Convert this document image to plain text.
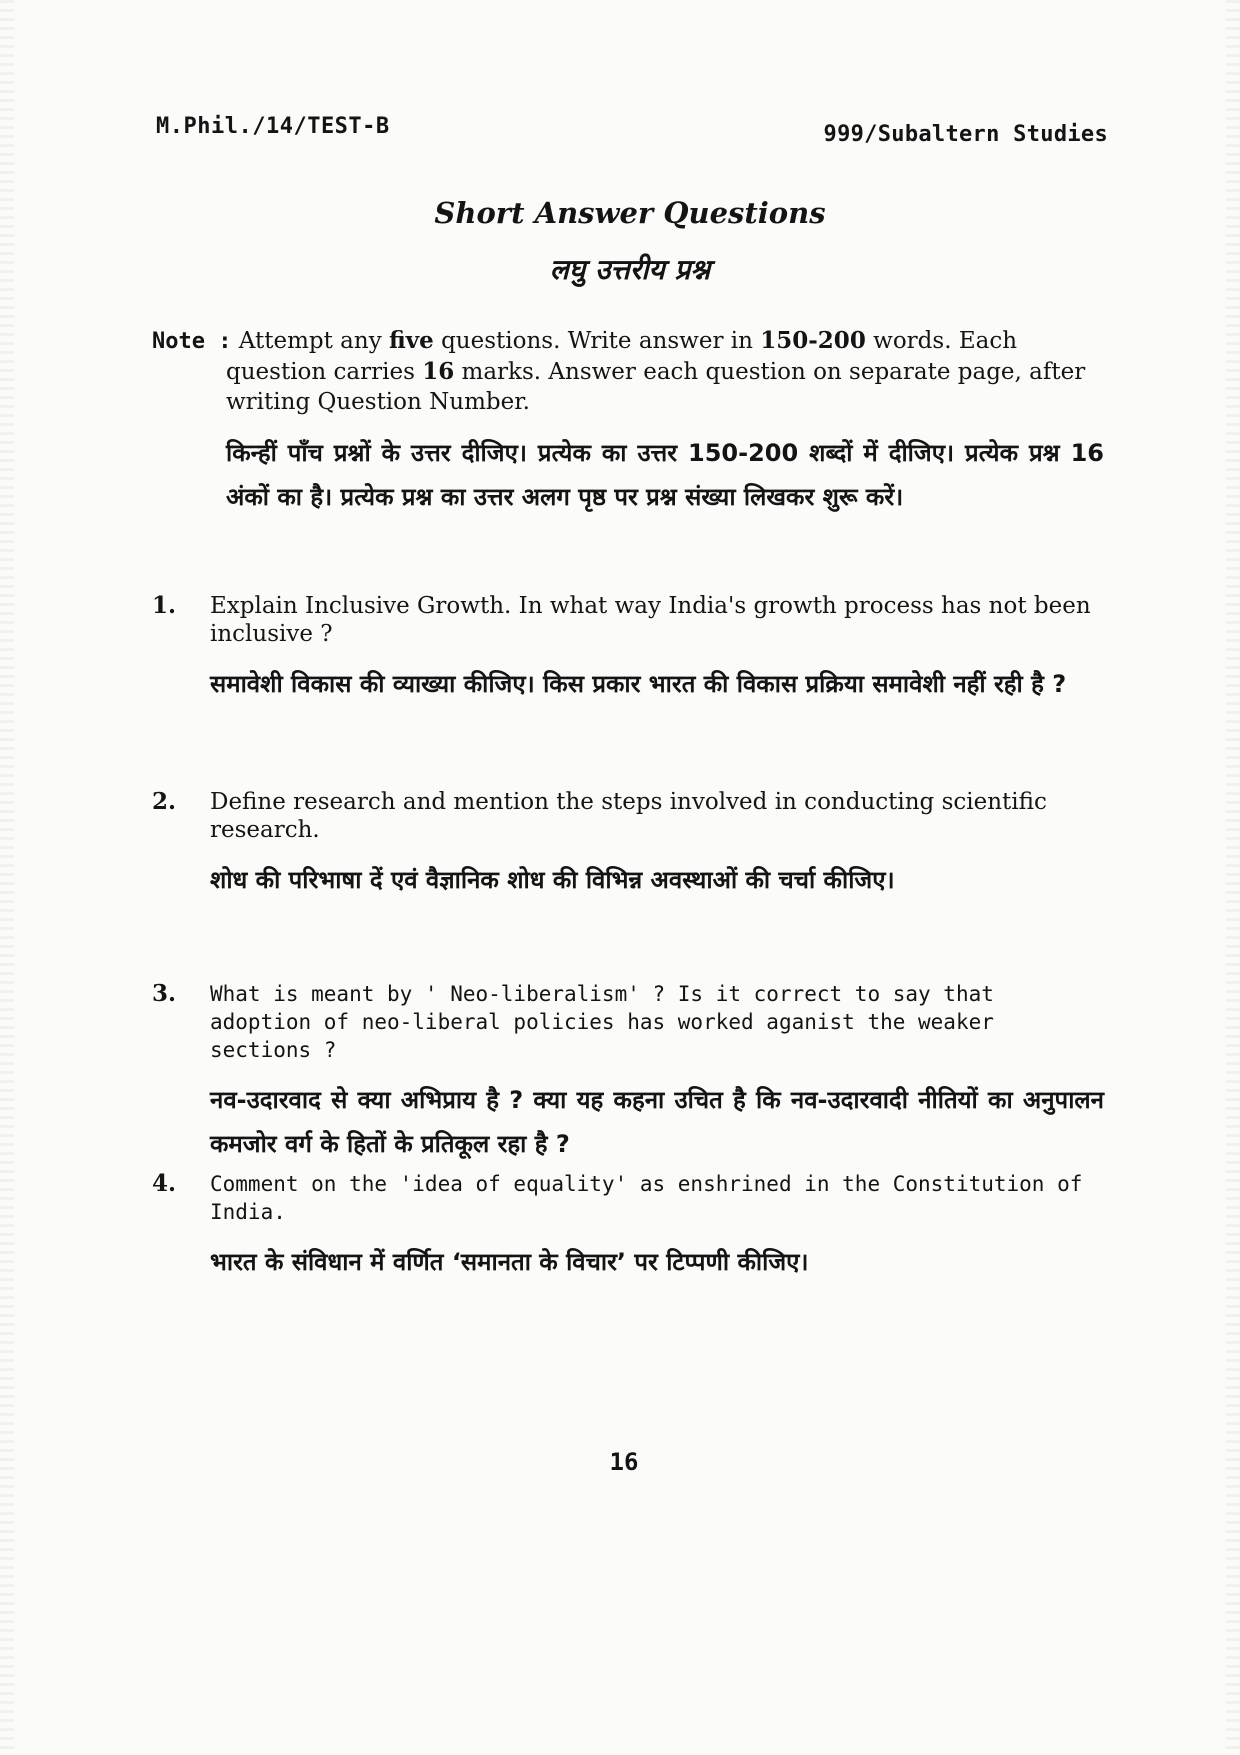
M.Phil./14/TEST-B	999/Subaltern Studies
Short Answer Questions
लघु उत्तरीय प्रश्न
Note : Attempt any five questions. Write answer in 150-200 words. Each question carries 16 marks. Answer each question on separate page, after writing Question Number.
किन्हीं पाँच प्रश्नों के उत्तर दीजिए। प्रत्येक का उत्तर 150-200 शब्दों में दीजिए। प्रत्येक प्रश्न 16 अंकों का है। प्रत्येक प्रश्न का उत्तर अलग पृष्ठ पर प्रश्न संख्या लिखकर शुरू करें।
1. Explain Inclusive Growth. In what way India's growth process has not been inclusive ?
समावेशी विकास की व्याख्या कीजिए। किस प्रकार भारत की विकास प्रक्रिया समावेशी नहीं रही है ?
2. Define research and mention the steps involved in conducting scientific research.
शोध की परिभाषा दें एवं वैज्ञानिक शोध की विभिन्न अवस्थाओं की चर्चा कीजिए।
3. What is meant by ' Neo-liberalism' ? Is it correct to say that adoption of neo-liberal policies has worked aganist the weaker sections ?
नव-उदारवाद से क्या अभिप्राय है ? क्या यह कहना उचित है कि नव-उदारवादी नीतियों का अनुपालन कमजोर वर्ग के हितों के प्रतिकूल रहा है ?
4. Comment on the 'idea of equality' as enshrined in the Constitution of India.
भारत के संविधान में वर्णित ‘समानता के विचार’ पर टिप्पणी कीजिए।
16
